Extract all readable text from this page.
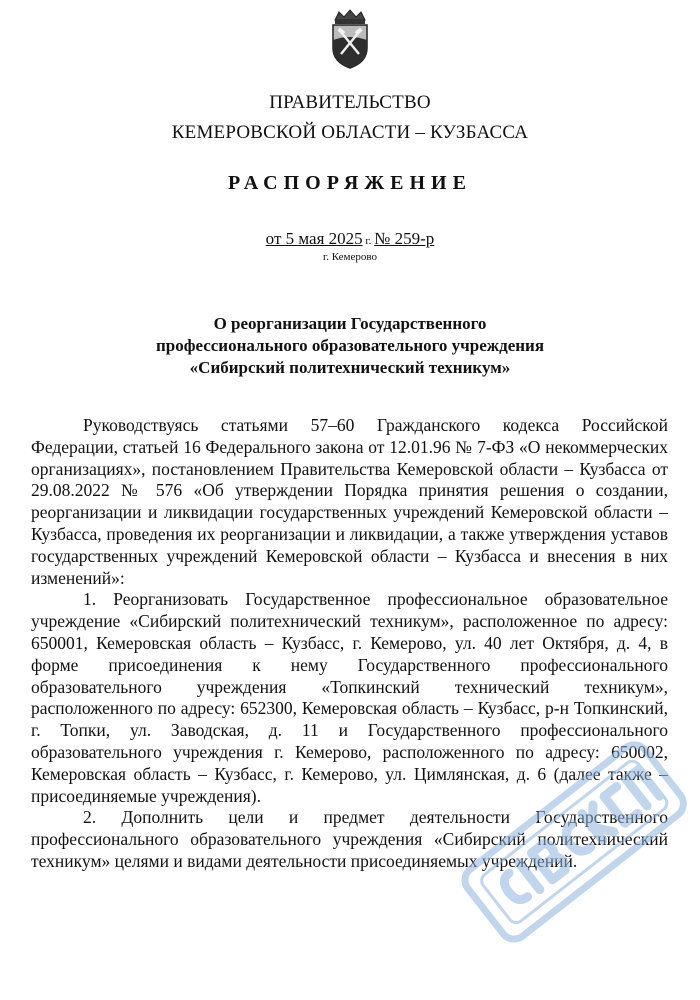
ПРАВИТЕЛЬСТВО
КЕМЕРОВСКОЙ ОБЛАСТИ – КУЗБАССА
РАСПОРЯЖЕНИЕ
от 5 мая 2025 г. № 259-р
г. Кемерово
О реорганизации Государственного
профессионального образовательного учреждения
«Сибирский политехнический техникум»

Руководствуясь статьями 57–60 Гражданского кодекса Российской Федерации, статьей 16 Федерального закона от 12.01.96 № 7-ФЗ «О некоммерческих организациях», постановлением Правительства Кемеровской области – Кузбасса от 29.08.2022 № 576 «Об утверждении Порядка принятия решения о создании, реорганизации и ликвидации государственных учреждений Кемеровской области – Кузбасса, проведения их реорганизации и ликвидации, а также утверждения уставов государственных учреждений Кемеровской области – Кузбасса и внесения в них изменений»:

1. Реорганизовать Государственное профессиональное образовательное учреждение «Сибирский политехнический техникум», расположенное по адресу: 650001, Кемеровская область – Кузбасс, г. Кемерово, ул. 40 лет Октября, д. 4, в форме присоединения к нему Государственного профессионального образовательного учреждения «Топкинский технический техникум», расположенного по адресу: 652300, Кемеровская область – Кузбасс, р-н Топкинский, г. Топки, ул. Заводская, д. 11 и Государственного профессионального образовательного учреждения г. Кемерово, расположенного по адресу: 650002, Кемеровская область – Кузбасс, г. Кемерово, ул. Цимлянская, д. 6 (далее также – присоединяемые учреждения).

2. Дополнить цели и предмет деятельности Государственного профессионального образовательного учреждения «Сибирский политехнический техникум» целями и видами деятельности присоединяемых учреждений.
